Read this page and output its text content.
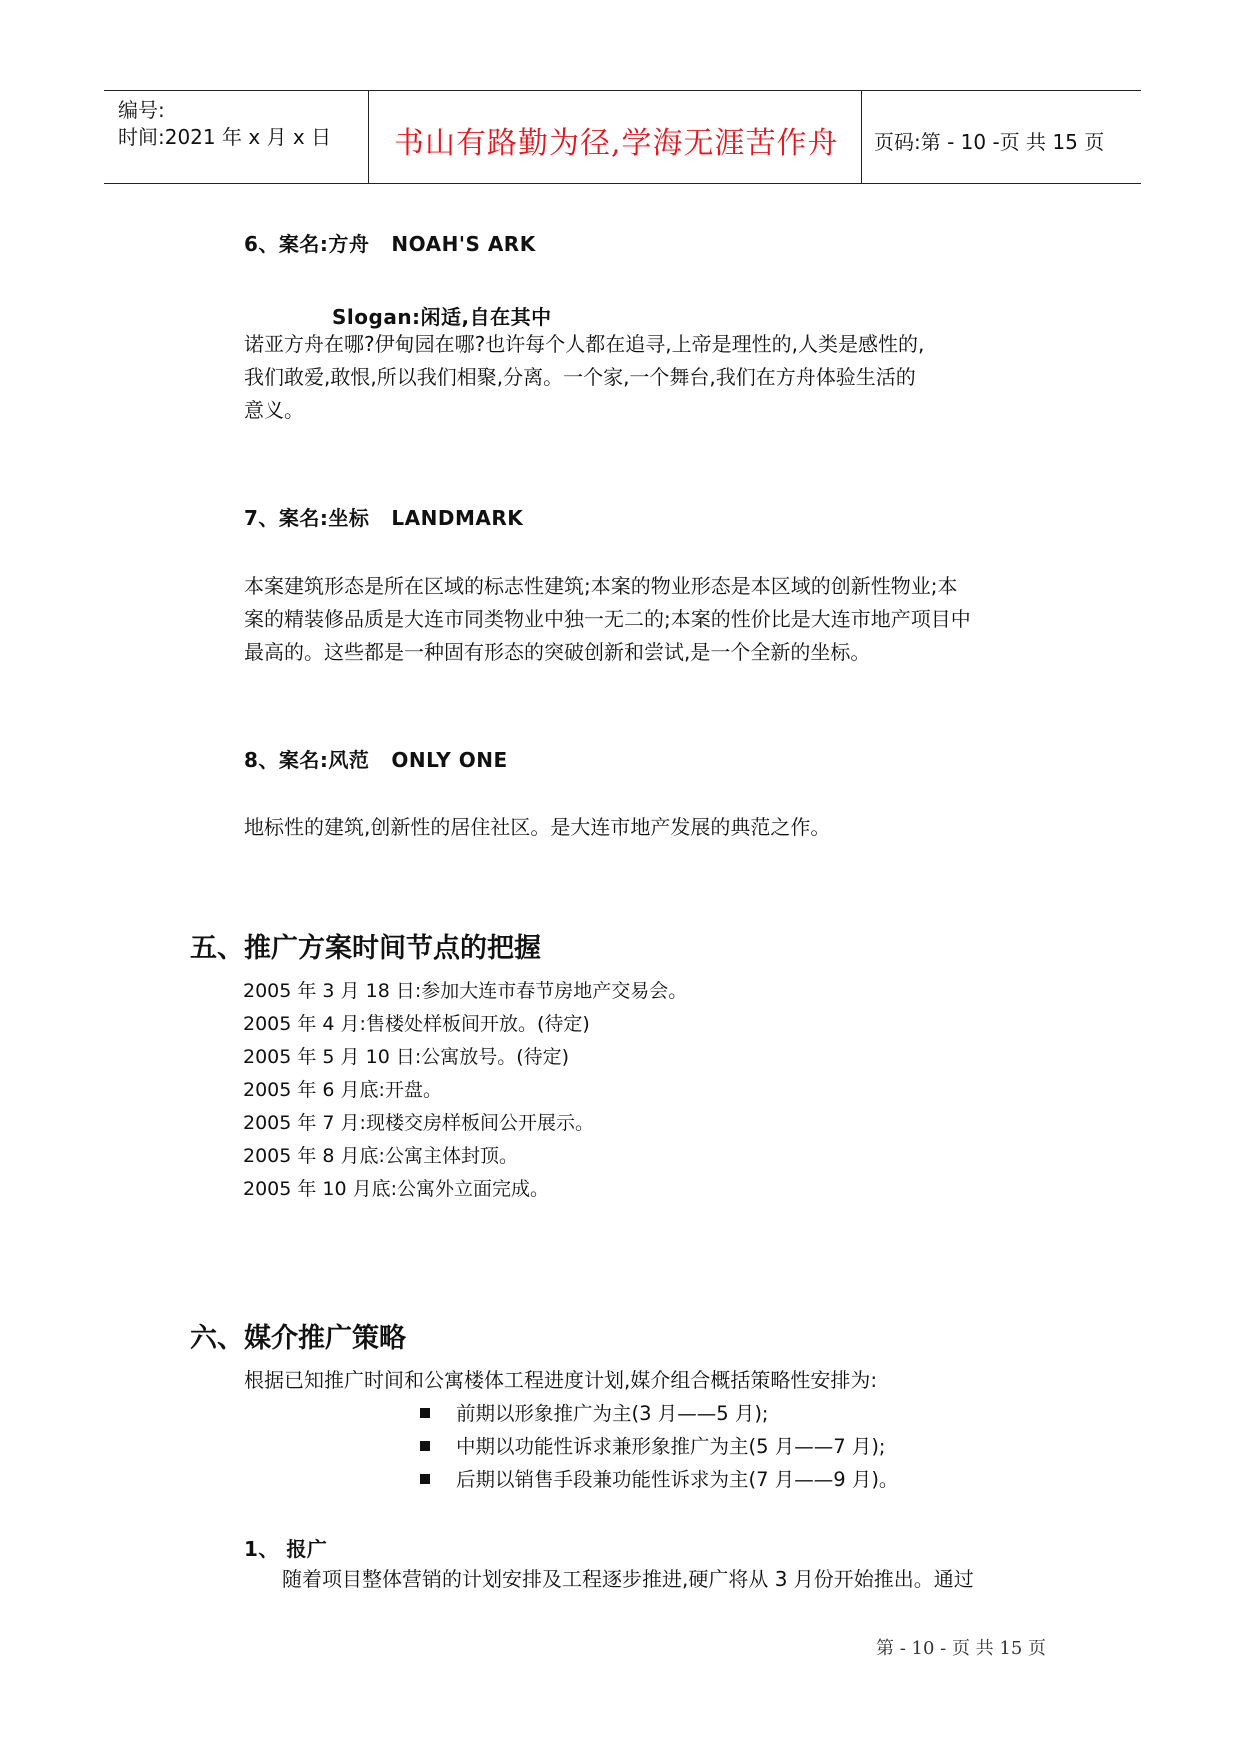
编号:
时间:2021 年 x 月 x 日 书山有路勤为径,学海无涯苦作舟 页码:第 - 10 -页 共 15 页
6、案名:方舟 NOAH'S ARK
Slogan:闲适,自在其中
诺亚方舟在哪?伊甸园在哪?也许每个人都在追寻,上帝是理性的,人类是感性的,
我们敢爱,敢恨,所以我们相聚,分离。一个家,一个舞台,我们在方舟体验生活的
意义。
7、案名:坐标 LANDMARK
本案建筑形态是所在区域的标志性建筑;本案的物业形态是本区域的创新性物业;本
案的精装修品质是大连市同类物业中独一无二的;本案的性价比是大连市地产项目中
最高的。这些都是一种固有形态的突破创新和尝试,是一个全新的坐标。
8、案名:风范 ONLY ONE
地标性的建筑,创新性的居住社区。是大连市地产发展的典范之作。
五、推广方案时间节点的把握
2005 年 3 月 18 日:参加大连市春节房地产交易会。
2005 年 4 月:售楼处样板间开放。(待定)
2005 年 5 月 10 日:公寓放号。(待定)
2005 年 6 月底:开盘。
2005 年 7 月:现楼交房样板间公开展示。
2005 年 8 月底:公寓主体封顶。
2005 年 10 月底:公寓外立面完成。
六、媒介推广策略
根据已知推广时间和公寓楼体工程进度计划,媒介组合概括策略性安排为:
前期以形象推广为主(3 月——5 月);
中期以功能性诉求兼形象推广为主(5 月——7 月);
后期以销售手段兼功能性诉求为主(7 月——9 月)。
1、 报广
随着项目整体营销的计划安排及工程逐步推进,硬广将从 3 月份开始推出。通过
第 - 10 - 页 共 15 页
